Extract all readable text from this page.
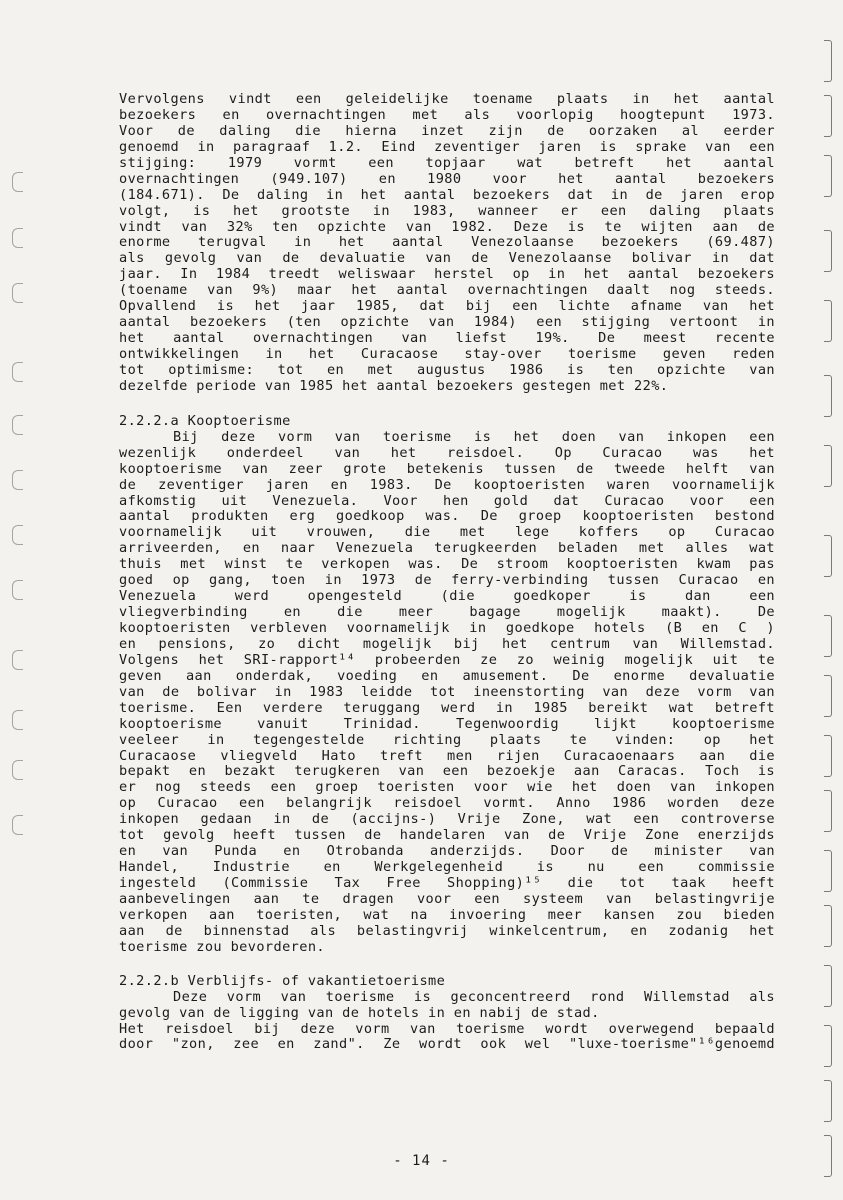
Vervolgens vindt een geleidelijke toename plaats in het aantal
bezoekers en overnachtingen met als voorlopig hoogtepunt 1973.
Voor de daling die hierna inzet zijn de oorzaken al eerder
genoemd in paragraaf 1.2. Eind zeventiger jaren is sprake van een
stijging: 1979 vormt een topjaar wat betreft het aantal
overnachtingen (949.107) en 1980 voor het aantal bezoekers
(184.671). De daling in het aantal bezoekers dat in de jaren erop
volgt, is het grootste in 1983, wanneer er een daling plaats
vindt van 32% ten opzichte van 1982. Deze is te wijten aan de
enorme terugval in het aantal Venezolaanse bezoekers (69.487)
als gevolg van de devaluatie van de Venezolaanse bolivar in dat
jaar. In 1984 treedt weliswaar herstel op in het aantal bezoekers
(toename van 9%) maar het aantal overnachtingen daalt nog steeds.
Opvallend is het jaar 1985, dat bij een lichte afname van het
aantal bezoekers (ten opzichte van 1984) een stijging vertoont in
het aantal overnachtingen van liefst 19%. De meest recente
ontwikkelingen in het Curacaose stay-over toerisme geven reden
tot optimisme: tot en met augustus 1986 is ten opzichte van
dezelfde periode van 1985 het aantal bezoekers gestegen met 22%.
2.2.2.a Kooptoerisme
Bij deze vorm van toerisme is het doen van inkopen een
wezenlijk onderdeel van het reisdoel. Op Curacao was het
kooptoerisme van zeer grote betekenis tussen de tweede helft van
de zeventiger jaren en 1983. De kooptoeristen waren voornamelijk
afkomstig uit Venezuela. Voor hen gold dat Curacao voor een
aantal produkten erg goedkoop was. De groep kooptoeristen bestond
voornamelijk uit vrouwen, die met lege koffers op Curacao
arriveerden, en naar Venezuela terugkeerden beladen met alles wat
thuis met winst te verkopen was. De stroom kooptoeristen kwam pas
goed op gang, toen in 1973 de ferry-verbinding tussen Curacao en
Venezuela werd opengesteld (die goedkoper is dan een
vliegverbinding en die meer bagage mogelijk maakt). De
kooptoeristen verbleven voornamelijk in goedkope hotels (B en C )
en pensions, zo dicht mogelijk bij het centrum van Willemstad.
Volgens het SRI-rapport¹⁴ probeerden ze zo weinig mogelijk uit te
geven aan onderdak, voeding en amusement. De enorme devaluatie
van de bolivar in 1983 leidde tot ineenstorting van deze vorm van
toerisme. Een verdere teruggang werd in 1985 bereikt wat betreft
kooptoerisme vanuit Trinidad. Tegenwoordig lijkt kooptoerisme
veeleer in tegengestelde richting plaats te vinden: op het
Curacaose vliegveld Hato treft men rijen Curacaoenaars aan die
bepakt en bezakt terugkeren van een bezoekje aan Caracas. Toch is
er nog steeds een groep toeristen voor wie het doen van inkopen
op Curacao een belangrijk reisdoel vormt. Anno 1986 worden deze
inkopen gedaan in de (accijns-) Vrije Zone, wat een controverse
tot gevolg heeft tussen de handelaren van de Vrije Zone enerzijds
en van Punda en Otrobanda anderzijds. Door de minister van
Handel, Industrie en Werkgelegenheid is nu een commissie
ingesteld (Commissie Tax Free Shopping)¹⁵ die tot taak heeft
aanbevelingen aan te dragen voor een systeem van belastingvrije
verkopen aan toeristen, wat na invoering meer kansen zou bieden
aan de binnenstad als belastingvrij winkelcentrum, en zodanig het
toerisme zou bevorderen.
2.2.2.b Verblijfs- of vakantietoerisme
Deze vorm van toerisme is geconcentreerd rond Willemstad als
gevolg van de ligging van de hotels in en nabij de stad.
Het reisdoel bij deze vorm van toerisme wordt overwegend bepaald
door "zon, zee en zand". Ze wordt ook wel "luxe-toerisme"¹⁶genoemd
- 14 -
